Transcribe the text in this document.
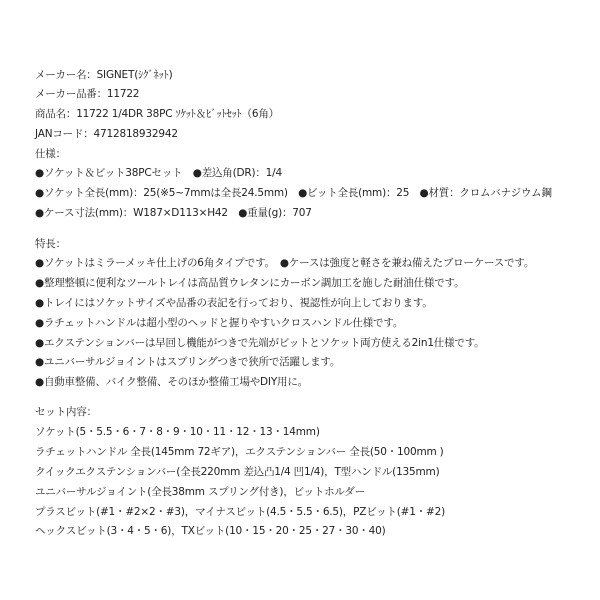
メーカー名：SIGNET(ｼｸﾞﾈｯﾄ)
メーカー品番：11722
商品名：11722 1/4DR 38PC ｿｹｯﾄ＆ﾋﾞｯﾄｾｯﾄ（6角）
JANコード：4712818932942
仕様：
●ソケット＆ビット38PCセット　●差込角(DR)：1/4
●ソケット全長(mm)：25(※5~7mmは全長24.5mm)　●ビット全長(mm)：25　●材質：クロムバナジウム鋼
●ケース寸法(mm)：W187×D113×H42　●重量(g)：707
特長：
●ソケットはミラーメッキ仕上げの6角タイプです。　●ケースは強度と軽さを兼ね備えたブローケースです。
●整理整頓に便利なツールトレイは高品質ウレタンにカーボン調加工を施した耐油仕様です。
●トレイにはソケットサイズや品番の表記を行っており、視認性が向上しております。
●ラチェットハンドルは超小型のヘッドと握りやすいクロスハンドル仕様です。
●エクステンションバーは早回し機能がつきで先端がビットとソケット両方使える2in1仕様です。
●ユニバーサルジョイントはスプリングつきで狭所で活躍します。
●自動車整備、バイク整備、そのほか整備工場やDIY用に。
セット内容：
ソケット(5・5.5・6・7・8・9・10・11・12・13・14mm)
ラチェットハンドル 全長(145mm 72ギア)，エクステンションバー 全長(50・100mm )
クイックエクステンションバー(全長220mm 差込凸1/4 凹1/4)，T型ハンドル(135mm)
ユニバーサルジョイント(全長38mm スプリング付き)，ビットホルダー
プラスビット(#1・#2×2・#3)，マイナスビット(4.5・5.5・6.5)，PZビット(#1・#2)
ヘックスビット(3・4・5・6)，TXビット(10・15・20・25・27・30・40)
